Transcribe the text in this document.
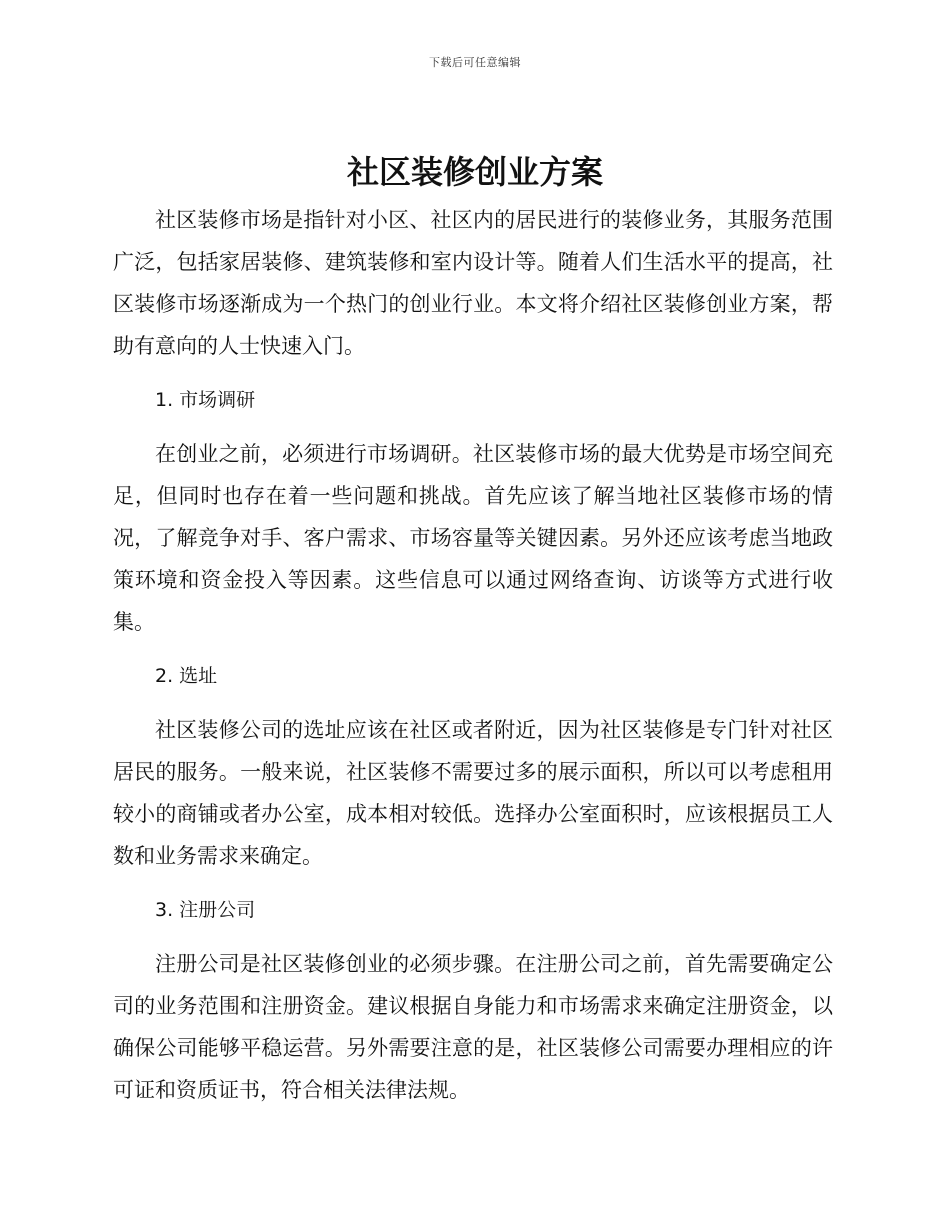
下载后可任意编辑
社区装修创业方案

社区装修市场是指针对小区、社区内的居民进行的装修业务，其服务范围广泛，包括家居装修、建筑装修和室内设计等。随着人们生活水平的提高，社区装修市场逐渐成为一个热门的创业行业。本文将介绍社区装修创业方案，帮助有意向的人士快速入门。

1. 市场调研

在创业之前，必须进行市场调研。社区装修市场的最大优势是市场空间充足，但同时也存在着一些问题和挑战。首先应该了解当地社区装修市场的情况，了解竞争对手、客户需求、市场容量等关键因素。另外还应该考虑当地政策环境和资金投入等因素。这些信息可以通过网络查询、访谈等方式进行收集。

2. 选址

社区装修公司的选址应该在社区或者附近，因为社区装修是专门针对社区居民的服务。一般来说，社区装修不需要过多的展示面积，所以可以考虑租用较小的商铺或者办公室，成本相对较低。选择办公室面积时，应该根据员工人数和业务需求来确定。

3. 注册公司

注册公司是社区装修创业的必须步骤。在注册公司之前，首先需要确定公司的业务范围和注册资金。建议根据自身能力和市场需求来确定注册资金，以确保公司能够平稳运营。另外需要注意的是，社区装修公司需要办理相应的许可证和资质证书，符合相关法律法规。
